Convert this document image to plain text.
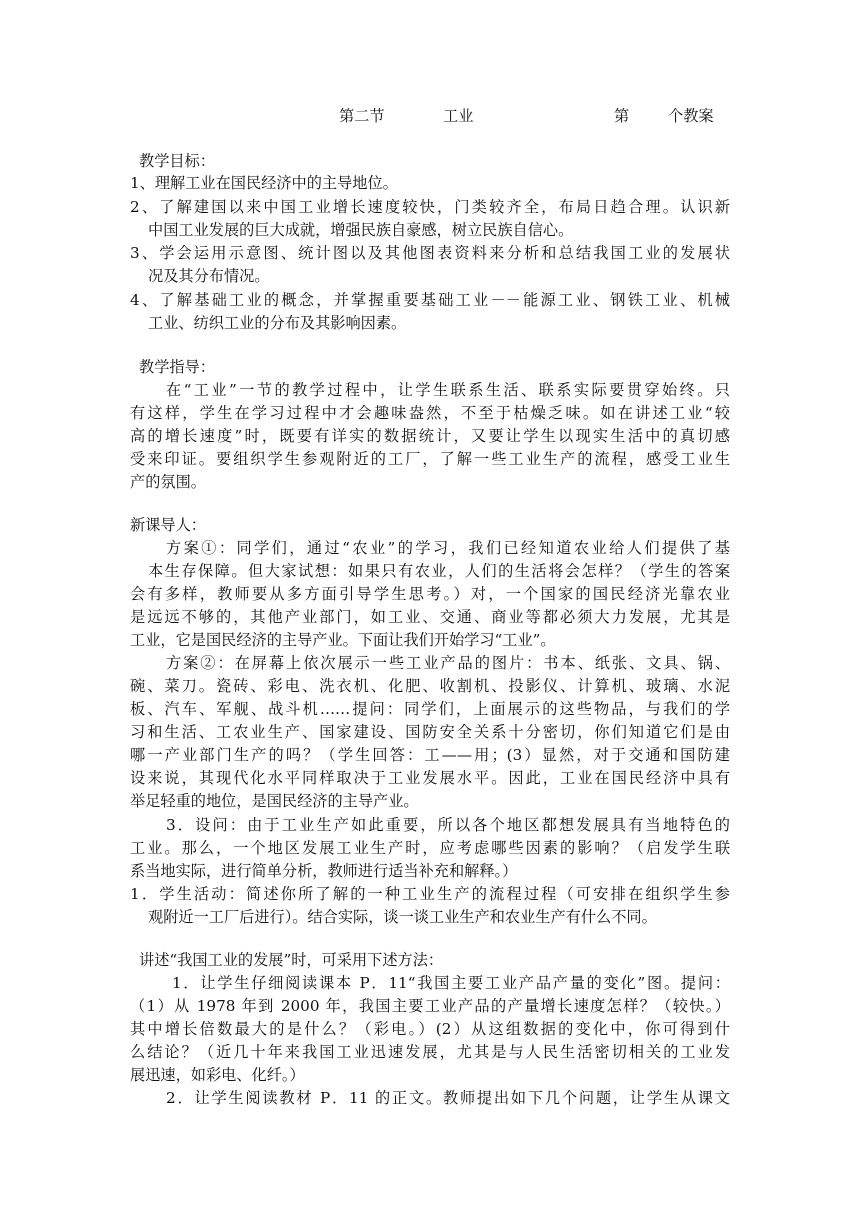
第二节	工业	第	个教案
教学目标：
1、理解工业在国民经济中的主导地位。
2、了解建国以来中国工业增长速度较快，门类较齐全，布局日趋合理。认识新
中国工业发展的巨大成就，增强民族自豪感，树立民族自信心。
3、学会运用示意图、统计图以及其他图表资料来分析和总结我国工业的发展状
况及其分布情况。
4、了解基础工业的概念，并掌握重要基础工业－－能源工业、钢铁工业、机械
工业、纺织工业的分布及其影响因素。
教学指导：
在“工业”一节的教学过程中，让学生联系生活、联系实际要贯穿始终。只
有这样，学生在学习过程中才会趣味盎然，不至于枯燥乏味。如在讲述工业“较
高的增长速度”时，既要有详实的数据统计，又要让学生以现实生活中的真切感
受来印证。要组织学生参观附近的工厂，了解一些工业生产的流程，感受工业生
产的氛围。
新课导人：
方案①：同学们，通过“农业”的学习，我们已经知道农业给人们提供了基
本生存保障。但大家试想：如果只有农业，人们的生活将会怎样？（学生的答案
会有多样，教师要从多方面引导学生思考。）对，一个国家的国民经济光靠农业
是远远不够的，其他产业部门，如工业、交通、商业等都必须大力发展，尤其是
工业，它是国民经济的主导产业。下面让我们开始学习“工业”。
方案②：在屏幕上依次展示一些工业产品的图片：书本、纸张、文具、锅、
碗、菜刀。瓷砖、彩电、洗衣机、化肥、收割机、投影仪、计算机、玻璃、水泥
板、汽车、军舰、战斗机……提问：同学们，上面展示的这些物品，与我们的学
习和生活、工农业生产、国家建设、国防安全关系十分密切，你们知道它们是由
哪一产业部门生产的吗？（学生回答：工——用；(3）显然，对于交通和国防建
设来说，其现代化水平同样取决于工业发展水平。因此，工业在国民经济中具有
举足轻重的地位，是国民经济的主导产业。
3．设问：由于工业生产如此重要，所以各个地区都想发展具有当地特色的
工业。那么，一个地区发展工业生产时，应考虑哪些因素的影响？（启发学生联
系当地实际，进行简单分析，教师进行适当补充和解释。）
1．学生活动：简述你所了解的一种工业生产的流程过程（可安排在组织学生参
观附近一工厂后进行）。结合实际，谈一谈工业生产和农业生产有什么不同。
讲述“我国工业的发展”时，可采用下述方法：
1．让学生仔细阅读课本 P．11“我国主要工业产品产量的变化”图。提问：
（1）从 1978 年到 2000 年，我国主要工业产品的产量增长速度怎样？（较快。）
其中增长倍数最大的是什么？（彩电。）(2）从这组数据的变化中，你可得到什
么结论？（近几十年来我国工业迅速发展，尤其是与人民生活密切相关的工业发
展迅速，如彩电、化纤。）
2．让学生阅读教材 P．11 的正文。教师提出如下几个问题，让学生从课文
